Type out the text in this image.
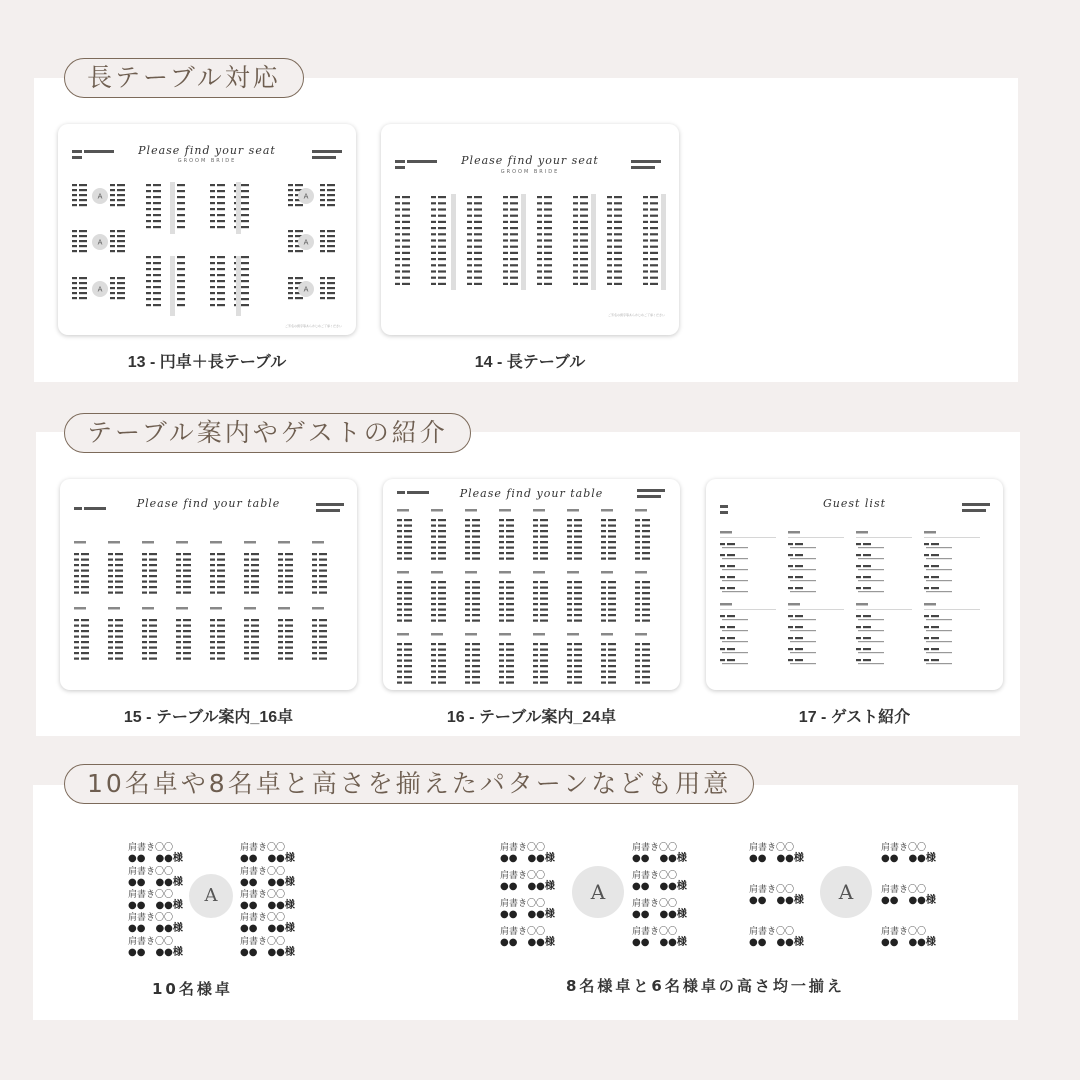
長テーブル対応
Please find your seat
GROOM BRIDE
A	A
A	A
A	A
ご芳名の誤字等あらかじめご了承ください
13 - 円卓＋長テーブル
Please find your seat
GROOM BRIDE
ご芳名の誤字等あらかじめご了承ください
14 - 長テーブル
テーブル案内やゲストの紹介
Please find your table
15 - テーブル案内_16卓
Please find your table
16 - テーブル案内_24卓
Guest list
17 - ゲスト紹介
10名卓や8名卓と高さを揃えたパターンなども用意
肩書き〇〇
●●　●●様
肩書き〇〇
●●　●●様
肩書き〇〇
●●　●●様
肩書き〇〇
●●　●●様
肩書き〇〇
●●　●●様
肩書き〇〇
●●　●●様
肩書き〇〇
●●　●●様
肩書き〇〇
●●　●●様
肩書き〇〇
●●　●●様
肩書き〇〇
●●　●●様
A
肩書き〇〇
●●　●●様
肩書き〇〇
●●　●●様
肩書き〇〇
●●　●●様
肩書き〇〇
●●　●●様
肩書き〇〇
●●　●●様
肩書き〇〇
●●　●●様
肩書き〇〇
●●　●●様
肩書き〇〇
●●　●●様
A
肩書き〇〇
●●　●●様
肩書き〇〇
●●　●●様
肩書き〇〇
●●　●●様
肩書き〇〇
●●　●●様
肩書き〇〇
●●　●●様
肩書き〇〇
●●　●●様
A
10名様卓	8名様卓と6名様卓の高さ均一揃え
